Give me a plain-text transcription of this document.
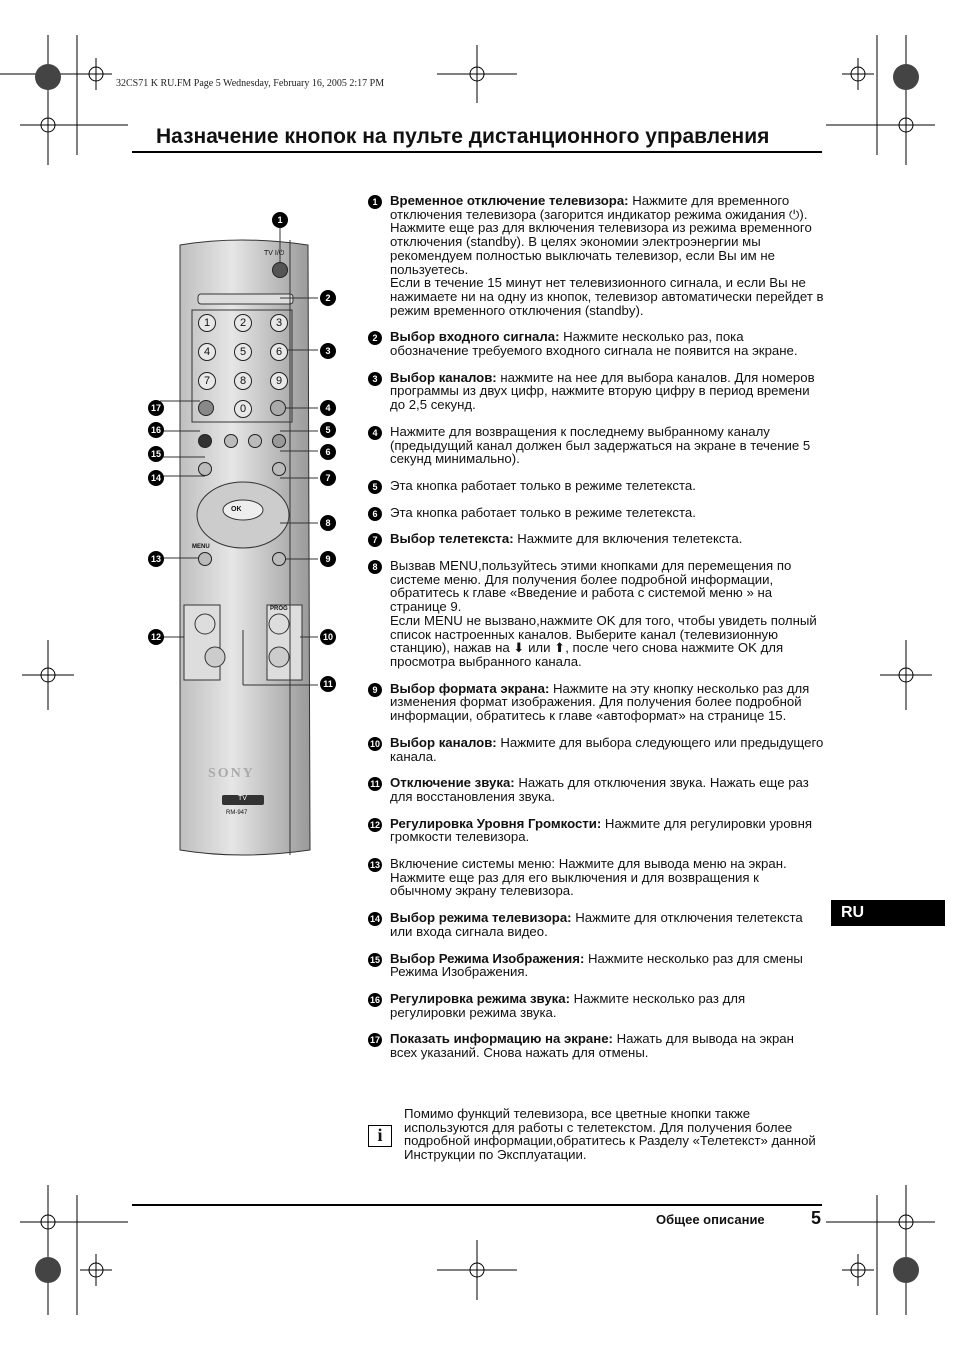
32CS71 K RU.FM Page 5 Wednesday, February 16, 2005 2:17 PM
Назначение кнопок на пульте дистанционного управления
TV I/⏻
1	2	3
4	5	6
7	8	9
0
OK
MENU
PROG
SONY
TV
RM-947
1
2
3
4
5
6
7
8
9
10
11
12
13
14
15
16
17
1 Временное отключение телевизора: Нажмите для временного отключения телевизора (загорится индикатор режима ожидания ⏻). Нажмите еще раз для включения телевизора из режима временного отключения (standby). В целях экономии электроэнергии мы рекомендуем полностью выключать телевизор, если Вы им не пользуетесь.
Если в течение 15 минут нет телевизионного сигнала, и если Вы не нажимаете ни на одну из кнопок, телевизор автоматически перейдет в режим временного отключения (standby).
2 Выбор входного сигнала: Нажмите несколько раз, пока обозначение требуемого входного сигнала не появится на экране.
3 Выбор каналов: нажмите на нее для выбора каналов. Для номеров программы из двух цифр, нажмите вторую цифру в период времени до 2,5 секунд.
4 Нажмите для возвращения к последнему выбранному каналу (предыдущий канал должен был задержаться на экране в течение 5 секунд минимально).
5 Эта кнопка работает только в режиме телетекста.
6 Эта кнопка работает только в режиме телетекста.
7 Выбор телетекста: Нажмите для включения телетекста.
8 Вызвав MENU,пользуйтесь этими кнопками для перемещения по системе меню. Для получения более подробной информации, обратитесь к главе «Введение и работа с системой меню » на странице 9.
Если MENU не вызвано,нажмите OK для того, чтобы увидеть полный список настроенных каналов. Выберите канал (телевизионную станцию), нажав на ⬇ или ⬆, после чего снова нажмите OK для просмотра выбранного канала.
9 Выбор формата экрана: Нажмите на эту кнопку несколько раз для изменения формат изображения. Для получения более подробной информации, обратитесь к главе «автоформат» на странице 15.
10 Выбор каналов: Нажмите для выбора следующего или предыдущего канала.
11 Отключение звука: Нажать для отключения звука. Нажать еще раз для восстановления звука.
12 Регулировка Уровня Громкости: Нажмите для регулировки уровня громкости телевизора.
13 Включение системы меню: Нажмите для вывода меню на экран. Нажмите еще раз для его выключения и для возвращения к обычному экрану телевизора.
14 Выбор режима телевизора: Нажмите для отключения телетекста или входа сигнала видео.
15 Выбор Режима Изображения: Нажмите несколько раз для смены Режима Изображения.
16 Регулировка режима звука: Нажмите несколько раз для регулировки режима звука.
17 Показать информацию на экране: Нажать для вывода на экран всех указаний. Снова нажать для отмены.
i
Помимо функций телевизора, все цветные кнопки также используются для работы с телетекстом. Для получения более подробной информации,обратитесь к Разделу «Телетекст» данной Инструкции по Эксплуатации.
RU
Общее описание	5
